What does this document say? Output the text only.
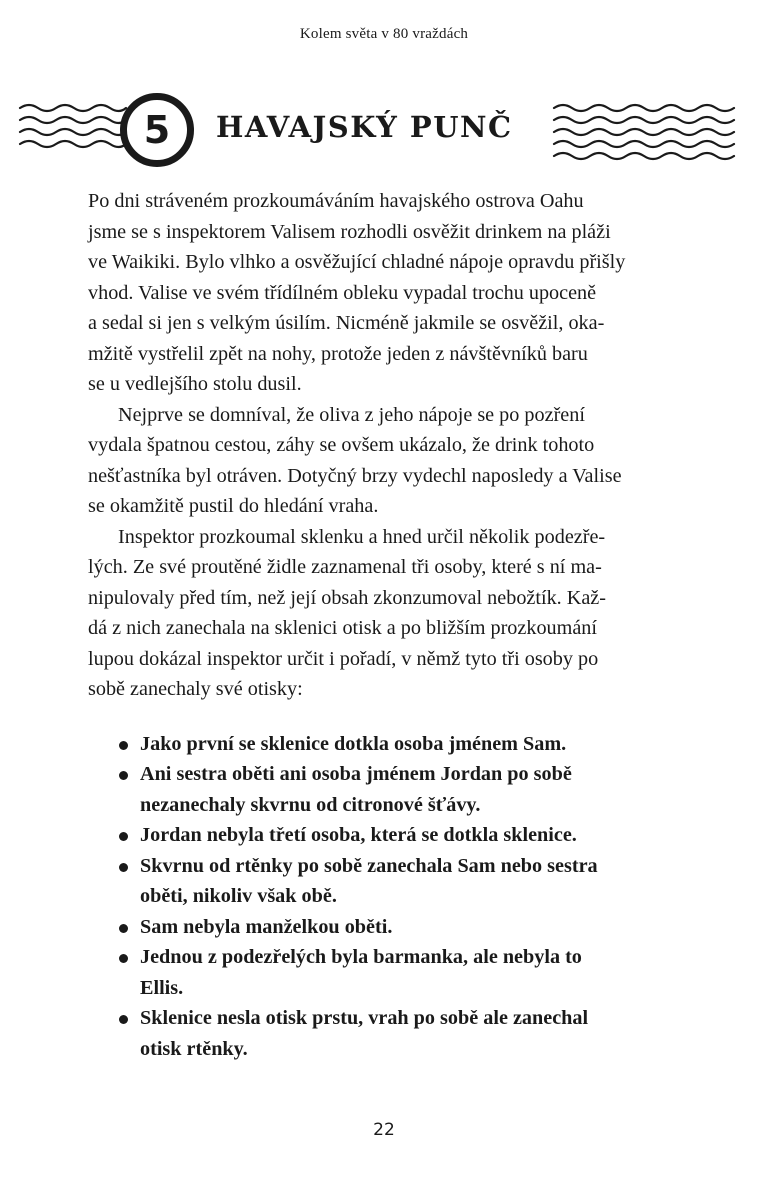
Kolem světa v 80 vraždách
5	HAVAJSKÝ PUNČ
Po dni stráveném prozkoumáváním havajského ostrova Oahu
jsme se s inspektorem Valisem rozhodli osvěžit drinkem na pláži
ve Waikiki. Bylo vlhko a osvěžující chladné nápoje opravdu přišly
vhod. Valise ve svém třídílném obleku vypadal trochu upoceně
a sedal si jen s velkým úsilím. Nicméně jakmile se osvěžil, oka-
mžitě vystřelil zpět na nohy, protože jeden z návštěvníků baru
se u vedlejšího stolu dusil.
Nejprve se domníval, že oliva z jeho nápoje se po pozření
vydala špatnou cestou, záhy se ovšem ukázalo, že drink tohoto
nešťastníka byl otráven. Dotyčný brzy vydechl naposledy a Valise
se okamžitě pustil do hledání vraha.
Inspektor prozkoumal sklenku a hned určil několik podezře-
lých. Ze své proutěné židle zaznamenal tři osoby, které s ní ma-
nipulovaly před tím, než její obsah zkonzumoval nebožtík. Kaž-
dá z nich zanechala na sklenici otisk a po bližším prozkoumání
lupou dokázal inspektor určit i pořadí, v němž tyto tři osoby po
sobě zanechaly své otisky:
Jako první se sklenice dotkla osoba jménem Sam.
Ani sestra oběti ani osoba jménem Jordan po sobě
nezanechaly skvrnu od citronové šťávy.
Jordan nebyla třetí osoba, která se dotkla sklenice.
Skvrnu od rtěnky po sobě zanechala Sam nebo sestra
oběti, nikoliv však obě.
Sam nebyla manželkou oběti.
Jednou z podezřelých byla barmanka, ale nebyla to
Ellis.
Sklenice nesla otisk prstu, vrah po sobě ale zanechal
otisk rtěnky.
22
